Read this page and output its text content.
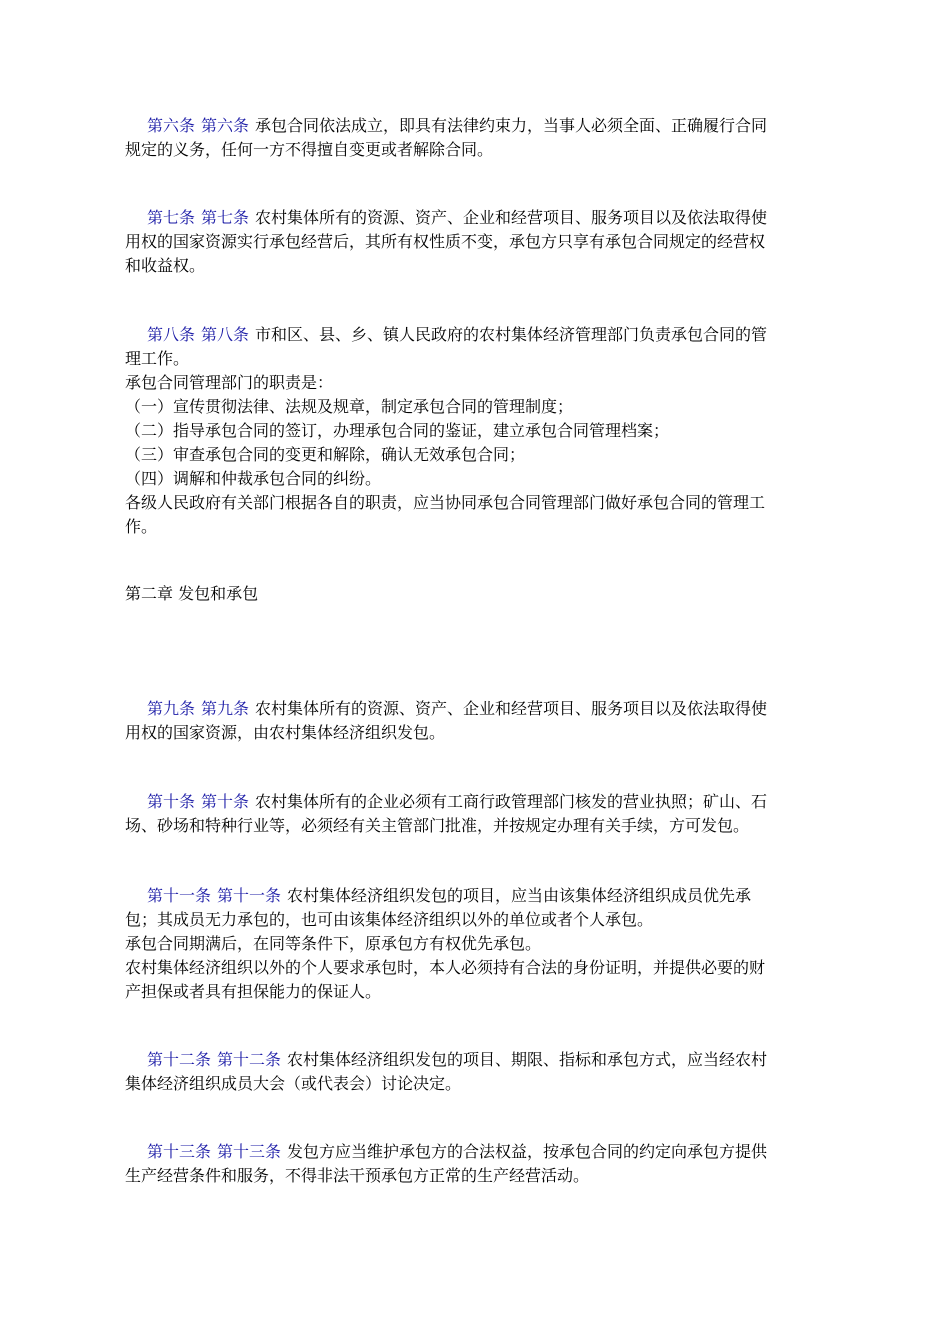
第六条 第六条 承包合同依法成立，即具有法律约束力，当事人必须全面、正确履行合同
规定的义务，任何一方不得擅自变更或者解除合同。
第七条 第七条 农村集体所有的资源、资产、企业和经营项目、服务项目以及依法取得使
用权的国家资源实行承包经营后，其所有权性质不变，承包方只享有承包合同规定的经营权
和收益权。
第八条 第八条 市和区、县、乡、镇人民政府的农村集体经济管理部门负责承包合同的管
理工作。
承包合同管理部门的职责是：
（一）宣传贯彻法律、法规及规章，制定承包合同的管理制度；
（二）指导承包合同的签订，办理承包合同的鉴证，建立承包合同管理档案；
（三）审查承包合同的变更和解除，确认无效承包合同；
（四）调解和仲裁承包合同的纠纷。
各级人民政府有关部门根据各自的职责，应当协同承包合同管理部门做好承包合同的管理工
作。
第二章 发包和承包
第九条 第九条 农村集体所有的资源、资产、企业和经营项目、服务项目以及依法取得使
用权的国家资源，由农村集体经济组织发包。
第十条 第十条 农村集体所有的企业必须有工商行政管理部门核发的营业执照；矿山、石
场、砂场和特种行业等，必须经有关主管部门批准，并按规定办理有关手续，方可发包。
第十一条 第十一条 农村集体经济组织发包的项目，应当由该集体经济组织成员优先承
包；其成员无力承包的，也可由该集体经济组织以外的单位或者个人承包。
承包合同期满后，在同等条件下，原承包方有权优先承包。
农村集体经济组织以外的个人要求承包时，本人必须持有合法的身份证明，并提供必要的财
产担保或者具有担保能力的保证人。
第十二条 第十二条 农村集体经济组织发包的项目、期限、指标和承包方式，应当经农村
集体经济组织成员大会（或代表会）讨论决定。
第十三条 第十三条 发包方应当维护承包方的合法权益，按承包合同的约定向承包方提供
生产经营条件和服务，不得非法干预承包方正常的生产经营活动。
